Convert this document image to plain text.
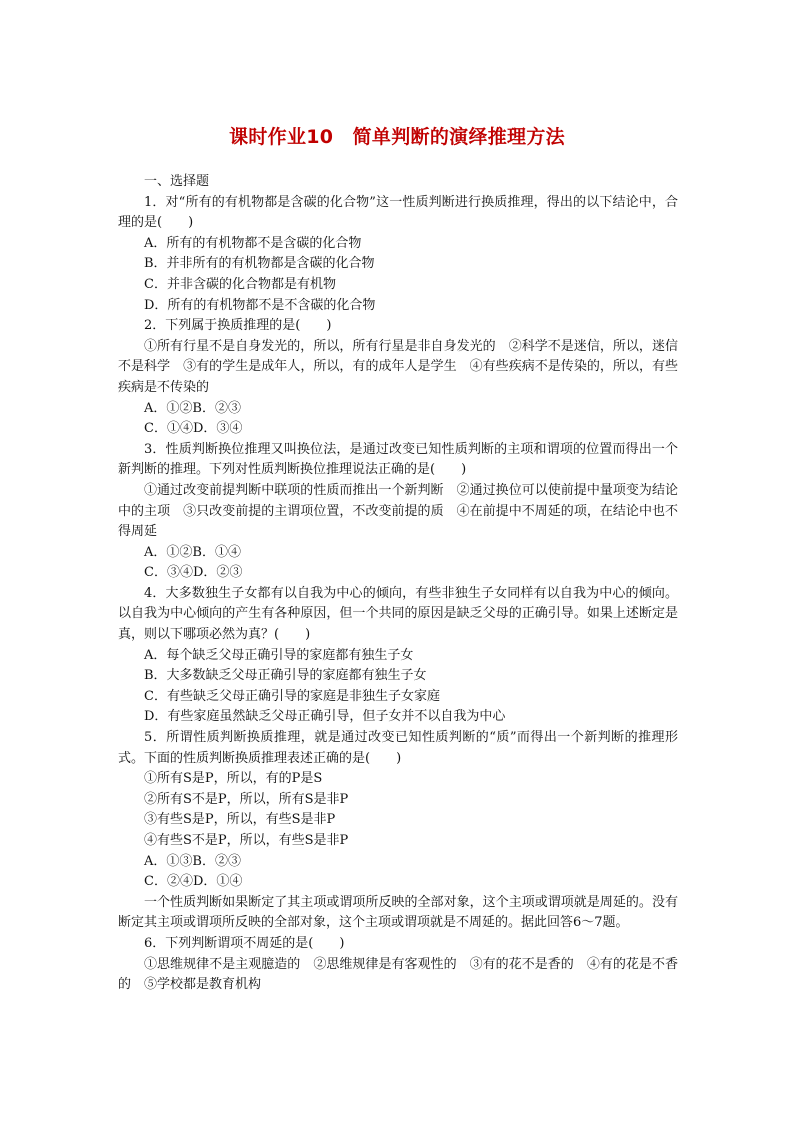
课时作业10　简单判断的演绎推理方法

一、选择题

1．对“所有的有机物都是含碳的化合物”这一性质判断进行换质推理，得出的以下结论中，合理的是(　　)

A．所有的有机物都不是含碳的化合物

B．并非所有的有机物都是含碳的化合物

C．并非含碳的化合物都是有机物

D．所有的有机物都不是不含碳的化合物

2．下列属于换质推理的是(　　)

①所有行星不是自身发光的，所以，所有行星是非自身发光的　②科学不是迷信，所以，迷信不是科学　③有的学生是成年人，所以，有的成年人是学生　④有些疾病不是传染的，所以，有些疾病是不传染的

A．①②B．②③

C．①④D．③④

3．性质判断换位推理又叫换位法，是通过改变已知性质判断的主项和谓项的位置而得出一个新判断的推理。下列对性质判断换位推理说法正确的是(　　)

①通过改变前提判断中联项的性质而推出一个新判断　②通过换位可以使前提中量项变为结论中的主项　③只改变前提的主谓项位置，不改变前提的质　④在前提中不周延的项，在结论中也不得周延

A．①②B．①④

C．③④D．②③

4．大多数独生子女都有以自我为中心的倾向，有些非独生子女同样有以自我为中心的倾向。以自我为中心倾向的产生有各种原因，但一个共同的原因是缺乏父母的正确引导。如果上述断定是真，则以下哪项必然为真？(　　)

A．每个缺乏父母正确引导的家庭都有独生子女

B．大多数缺乏父母正确引导的家庭都有独生子女

C．有些缺乏父母正确引导的家庭是非独生子女家庭

D．有些家庭虽然缺乏父母正确引导，但子女并不以自我为中心

5．所谓性质判断换质推理，就是通过改变已知性质判断的“质”而得出一个新判断的推理形式。下面的性质判断换质推理表述正确的是(　　)

①所有S是P，所以，有的P是S

②所有S不是P，所以，所有S是非P

③有些S是P，所以，有些S是非P

④有些S不是P，所以，有些S是非P

A．①③B．②③

C．②④D．①④

一个性质判断如果断定了其主项或谓项所反映的全部对象，这个主项或谓项就是周延的。没有断定其主项或谓项所反映的全部对象，这个主项或谓项就是不周延的。据此回答6～7题。

6．下列判断谓项不周延的是(　　)

①思维规律不是主观臆造的　②思维规律是有客观性的　③有的花不是香的　④有的花是不香的　⑤学校都是教育机构
